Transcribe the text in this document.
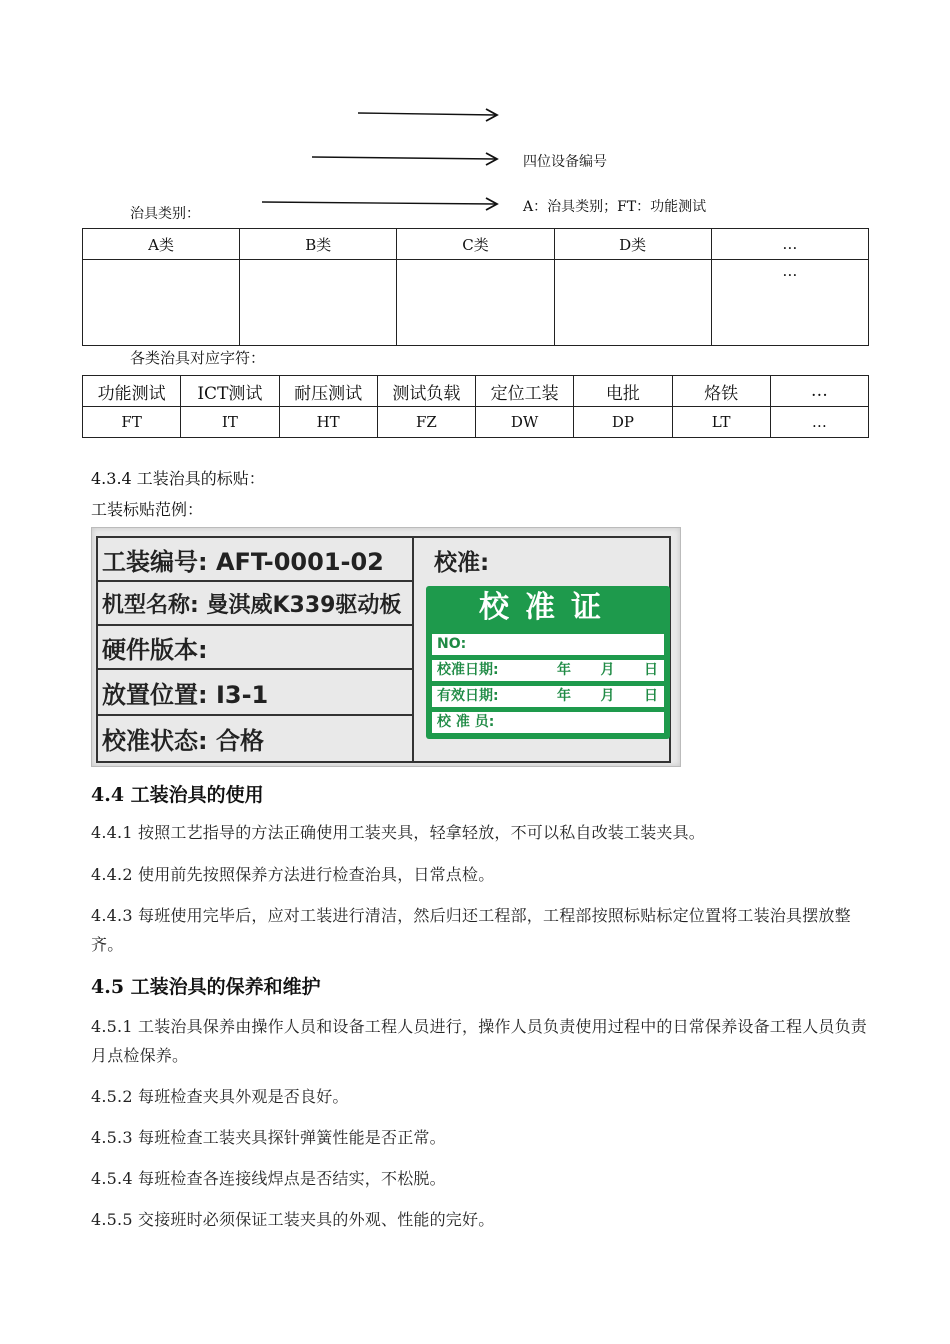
四位设备编号
A：治具类别；FT：功能测试
治具类别：
A类	B类	C类	D类	…
				…
各类治具对应字符：
功能测试	ICT测试	耐压测试	测试负载	定位工装	电批	烙铁	…
FT	IT	HT	FZ	DW	DP	LT	…
4.3.4 工装治具的标贴：
工装标贴范例：
工装编号: AFT-0001-02
机型名称: 曼淇威K339驱动板
硬件版本:
放置位置: I3-1
校准状态: 合格
校准:
校准证
NO:
校准日期:	年 月 日
有效日期:	年 月 日
校 准 员:
4.4 工装治具的使用
4.4.1 按照工艺指导的方法正确使用工装夹具，轻拿轻放，不可以私自改装工装夹具。
4.4.2 使用前先按照保养方法进行检查治具，日常点检。
4.4.3 每班使用完毕后，应对工装进行清洁，然后归还工程部，工程部按照标贴标定位置将工装治具摆放整齐。
4.5 工装治具的保养和维护
4.5.1 工装治具保养由操作人员和设备工程人员进行，操作人员负责使用过程中的日常保养设备工程人员负责月点检保养。
4.5.2 每班检查夹具外观是否良好。
4.5.3 每班检查工装夹具探针弹簧性能是否正常。
4.5.4 每班检查各连接线焊点是否结实，不松脱。
4.5.5 交接班时必须保证工装夹具的外观、性能的完好。
